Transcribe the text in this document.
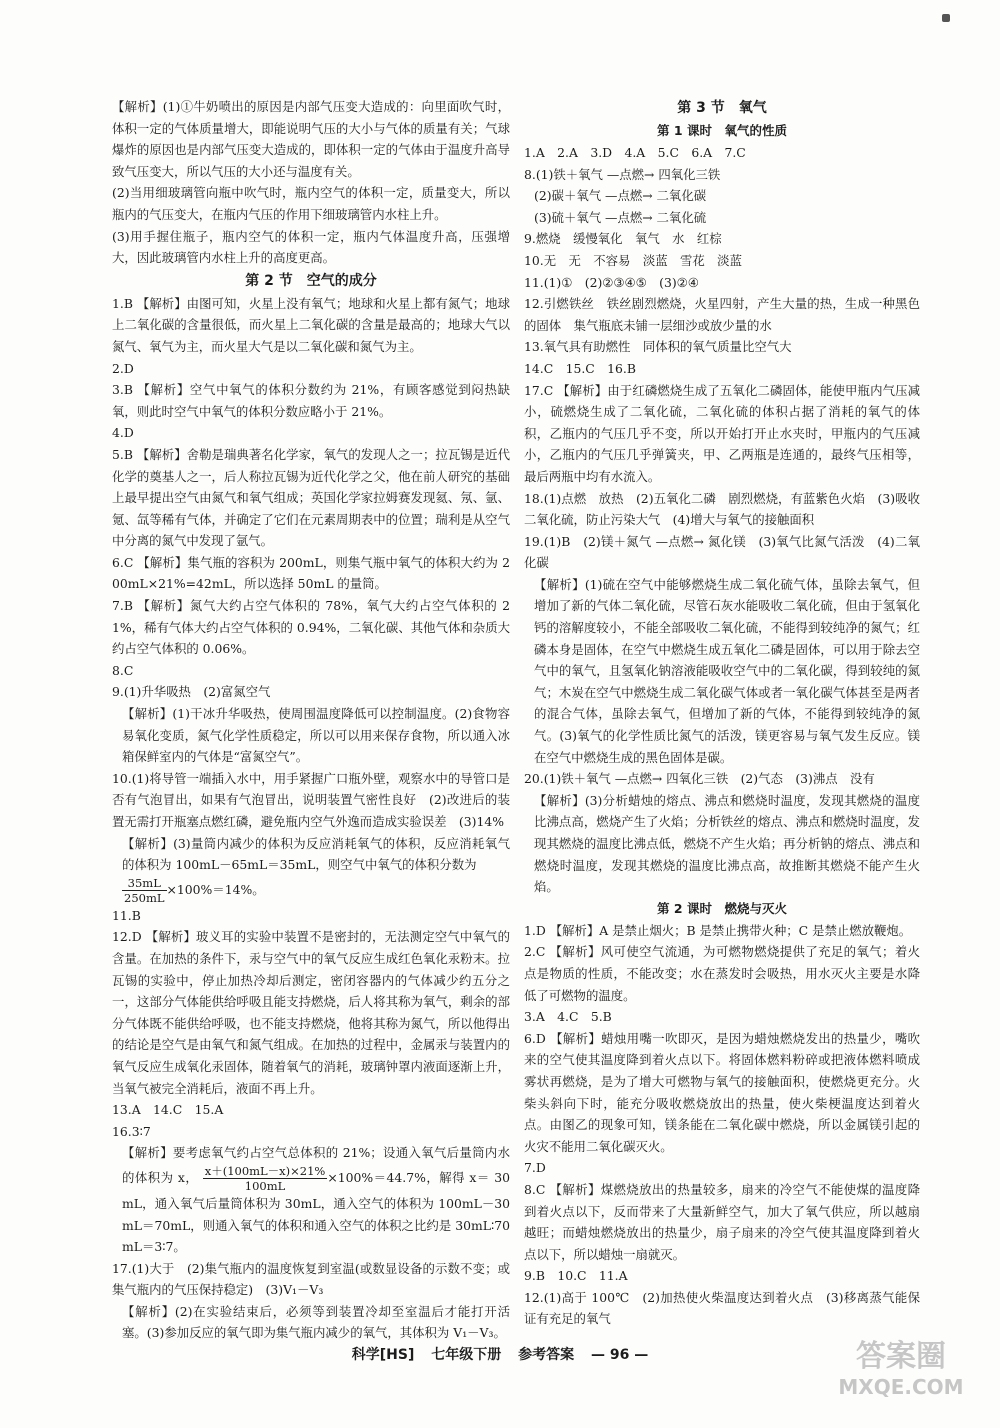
【解析】(1)①牛奶喷出的原因是内部气压变大造成的：向里面吹气时，体积一定的气体质量增大，即能说明气压的大小与气体的质量有关；气球爆炸的原因也是内部气压变大造成的，即体积一定的气体由于温度升高导致气压变大，所以气压的大小还与温度有关。

(2)当用细玻璃管向瓶中吹气时，瓶内空气的体积一定，质量变大，所以瓶内的气压变大，在瓶内气压的作用下细玻璃管内水柱上升。

(3)用手握住瓶子，瓶内空气的体积一定，瓶内气体温度升高，压强增大，因此玻璃管内水柱上升的高度更高。

第 2 节　空气的成分

1.B 【解析】由图可知，火星上没有氧气；地球和火星上都有氮气；地球上二氧化碳的含量很低，而火星上二氧化碳的含量是最高的；地球大气以氮气、氧气为主，而火星大气是以二氧化碳和氮气为主。

2.D

3.B 【解析】空气中氧气的体积分数约为 21%，有顾客感觉到闷热缺氧，则此时空气中氧气的体积分数应略小于 21%。

4.D

5.B 【解析】舍勒是瑞典著名化学家，氧气的发现人之一；拉瓦锡是近代化学的奠基人之一，后人称拉瓦锡为近代化学之父，他在前人研究的基础上最早提出空气由氮气和氧气组成；英国化学家拉姆赛发现氦、氖、氩、氪、氙等稀有气体，并确定了它们在元素周期表中的位置；瑞利是从空气中分离的氮气中发现了氩气。

6.C 【解析】集气瓶的容积为 200mL，则集气瓶中氧气的体积大约为 200mL×21%=42mL，所以选择 50mL 的量筒。

7.B 【解析】氮气大约占空气体积的 78%，氧气大约占空气体积的 21%，稀有气体大约占空气体积的 0.94%，二氧化碳、其他气体和杂质大约占空气体积的 0.06%。

8.C

9.(1)升华吸热　(2)富氮空气

【解析】(1)干冰升华吸热，使周围温度降低可以控制温度。(2)食物容易氧化变质，氮气化学性质稳定，所以可以用来保存食物，所以通入冰箱保鲜室内的气体是“富氮空气”。

10.(1)将导管一端插入水中，用手紧握广口瓶外壁，观察水中的导管口是否有气泡冒出，如果有气泡冒出，说明装置气密性良好　(2)改进后的装置无需打开瓶塞点燃红磷，避免瓶内空气外逸而造成实验误差　(3)14%

【解析】(3)量筒内减少的体积为反应消耗氧气的体积，反应消耗氧气的体积为 100mL－65mL＝35mL，则空气中氧气的体积分数为

$\frac{35mL}{250mL} \times 100\%=14\%$。

11.B

12.D 【解析】玻义耳的实验中装置不是密封的，无法测定空气中氧气的含量。在加热的条件下，汞与空气中的氧气反应生成红色氧化汞粉末。拉瓦锡的实验中，停止加热冷却后测定，密闭容器内的气体减少约五分之一，这部分气体能供给呼吸且能支持燃烧，后人将其称为氧气，剩余的部分气体既不能供给呼吸，也不能支持燃烧，他将其称为氮气，所以他得出的结论是空气是由氧气和氮气组成。在加热的过程中，金属汞与装置内的氧气反应生成氧化汞固体，随着氧气的消耗，玻璃钟罩内液面逐渐上升，当氧气被完全消耗后，液面不再上升。

13.A　14.C　15.A

16.3∶7

【解析】要考虑氧气约占空气总体积的 21%；设通入氧气后量筒内水的体积为 x， $\frac{x+(100mL-x)\times 21\%}{100mL} \times 100\%=44.7\%$，解得 x＝ 30mL，通入氧气后量筒体积为 30mL，通入空气的体积为 100mL－30mL＝70mL，则通入氧气的体积和通入空气的体积之比约是 30mL∶70mL＝3∶7。

17.(1)大于　(2)集气瓶内的温度恢复到室温(或数显设备的示数不变；或集气瓶内的气压保持稳定)　(3)V₁－V₃

【解析】(2)在实验结束后，必须等到装置冷却至室温后才能打开活塞。(3)参加反应的氧气即为集气瓶内减少的氧气，其体积为 V₁－V₃。

第 3 节　氧气

第 1 课时　氧气的性质

1.A　2.A　3.D　4.A　5.C　6.A　7.C

8.(1)铁＋氧气 —点燃→ 四氧化三铁

(2)碳＋氧气 —点燃→ 二氧化碳

(3)硫＋氧气 —点燃→ 二氧化硫

9.燃烧　缓慢氧化　氧气　水　红棕

10.无　无　不容易　淡蓝　雪花　淡蓝

11.(1)①　(2)②③④⑤　(3)②④

12.引燃铁丝　铁丝剧烈燃烧，火星四射，产生大量的热，生成一种黑色的固体　集气瓶底未铺一层细沙或放少量的水

13.氧气具有助燃性　同体积的氧气质量比空气大

14.C　15.C　16.B

17.C 【解析】由于红磷燃烧生成了五氧化二磷固体，能使甲瓶内气压减小，硫燃烧生成了二氧化硫，二氧化硫的体积占据了消耗的氧气的体积，乙瓶内的气压几乎不变，所以开始打开止水夹时，甲瓶内的气压减小，乙瓶内的气压几乎弹簧夹，甲、乙两瓶是连通的，最终气压相等，最后两瓶中均有水流入。

18.(1)点燃　放热　(2)五氧化二磷　剧烈燃烧，有蓝紫色火焰　(3)吸收二氧化硫，防止污染大气　(4)增大与氧气的接触面积

19.(1)B　(2)镁＋氮气 —点燃→ 氮化镁　(3)氧气比氮气活泼　(4)二氧化碳

【解析】(1)硫在空气中能够燃烧生成二氧化硫气体，虽除去氧气，但增加了新的气体二氧化硫，尽管石灰水能吸收二氧化硫，但由于氢氧化钙的溶解度较小，不能全部吸收二氧化硫，不能得到较纯净的氮气；红磷本身是固体，在空气中燃烧生成五氧化二磷是固体，可以用于除去空气中的氧气，且氢氧化钠溶液能吸收空气中的二氧化碳，得到较纯的氮气；木炭在空气中燃烧生成二氧化碳气体或者一氧化碳气体甚至是两者的混合气体，虽除去氧气，但增加了新的气体，不能得到较纯净的氮气。(3)氧气的化学性质比氮气的活泼，镁更容易与氧气发生反应。镁在空气中燃烧生成的黑色固体是碳。

20.(1)铁＋氧气 —点燃→ 四氧化三铁　(2)气态　(3)沸点　没有

【解析】(3)分析蜡烛的熔点、沸点和燃烧时温度，发现其燃烧的温度比沸点高，燃烧产生了火焰；分析铁丝的熔点、沸点和燃烧时温度，发现其燃烧的温度比沸点低，燃烧不产生火焰；再分析钠的熔点、沸点和燃烧时温度，发现其燃烧的温度比沸点高，故推断其燃烧不能产生火焰。

第 2 课时　燃烧与灭火

1.D 【解析】A 是禁止烟火；B 是禁止携带火种；C 是禁止燃放鞭炮。

2.C 【解析】风可使空气流通，为可燃物燃烧提供了充足的氧气；着火点是物质的性质，不能改变；水在蒸发时会吸热，用水灭火主要是水降低了可燃物的温度。

3.A　4.C　5.B

6.D 【解析】蜡烛用嘴一吹即灭，是因为蜡烛燃烧发出的热量少，嘴吹来的空气使其温度降到着火点以下。将固体燃料粉碎或把液体燃料喷成雾状再燃烧，是为了增大可燃物与氧气的接触面积，使燃烧更充分。火柴头斜向下时，能充分吸收燃烧放出的热量，使火柴梗温度达到着火点。由图乙的现象可知，镁条能在二氧化碳中燃烧，所以金属镁引起的火灾不能用二氧化碳灭火。

7.D

8.C 【解析】煤燃烧放出的热量较多，扇来的冷空气不能使煤的温度降到着火点以下，反而带来了大量新鲜空气，加大了氧气供应，所以越扇越旺；而蜡烛燃烧放出的热量少，扇子扇来的冷空气使其温度降到着火点以下，所以蜡烛一扇就灭。

9.B　10.C　11.A

12.(1)高于 100℃　(2)加热使火柴温度达到着火点　(3)移离蒸气能保证有充足的氧气

科学[HS] 七年级下册 参考答案 — 96 —	答案圈
MXQE.COM
